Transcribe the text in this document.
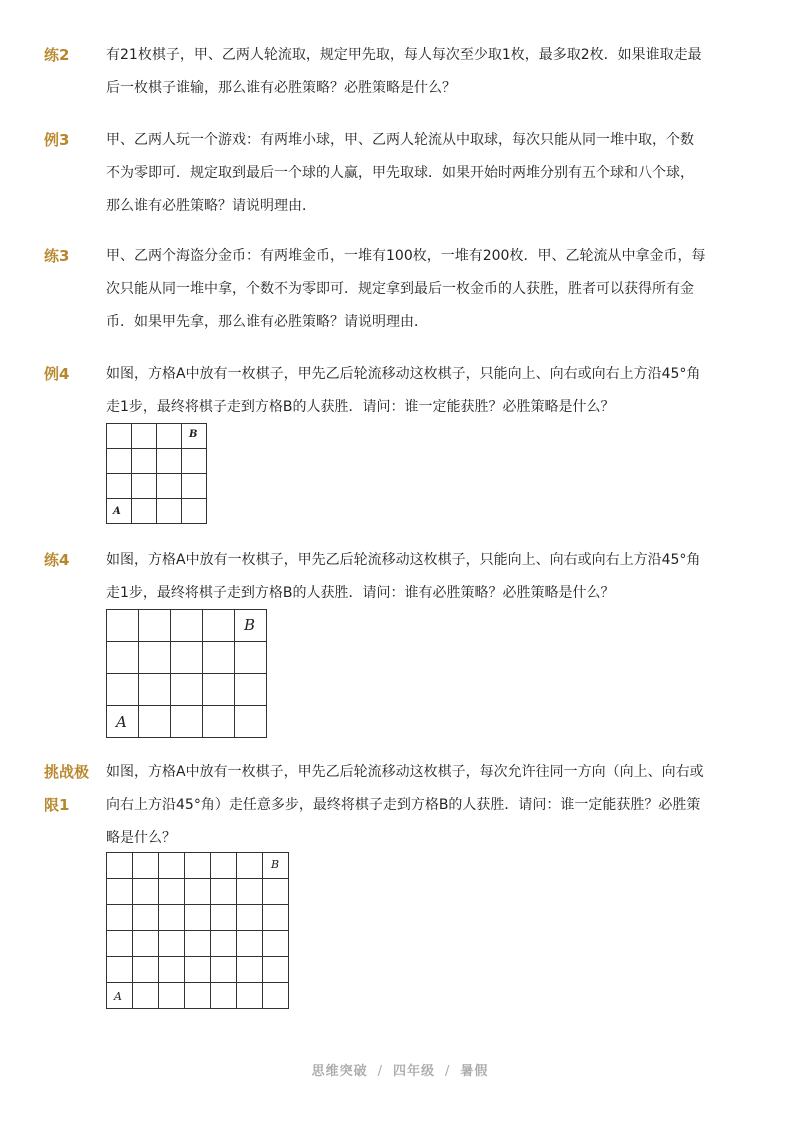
练2	有21枚棋子，甲、乙两人轮流取，规定甲先取，每人每次至少取1枚，最多取2枚．如果谁取走最
后一枚棋子谁输，那么谁有必胜策略？必胜策略是什么？
例3	甲、乙两人玩一个游戏：有两堆小球，甲、乙两人轮流从中取球，每次只能从同一堆中取，个数
不为零即可．规定取到最后一个球的人赢，甲先取球．如果开始时两堆分别有五个球和八个球，
那么谁有必胜策略？请说明理由．
练3	甲、乙两个海盗分金币：有两堆金币，一堆有100枚，一堆有200枚．甲、乙轮流从中拿金币，每
次只能从同一堆中拿，个数不为零即可．规定拿到最后一枚金币的人获胜，胜者可以获得所有金
币．如果甲先拿，那么谁有必胜策略？请说明理由．
例4	如图，方格A中放有一枚棋子，甲先乙后轮流移动这枚棋子，只能向上、向右或向右上方沿45°角
走1步，最终将棋子走到方格B的人获胜．请问：谁一定能获胜？必胜策略是什么？

			B

A			

练4	如图，方格A中放有一枚棋子，甲先乙后轮流移动这枚棋子，只能向上、向右或向右上方沿45°角
走1步，最终将棋子走到方格B的人获胜．请问：谁有必胜策略？必胜策略是什么？

				B

A				

挑战极
限1
如图，方格A中放有一枚棋子，甲先乙后轮流移动这枚棋子，每次允许往同一方向（向上、向右或
向右上方沿45°角）走任意多步，最终将棋子走到方格B的人获胜．请问：谁一定能获胜？必胜策
略是什么？

						B

A						

思维突破 / 四年级 / 暑假
